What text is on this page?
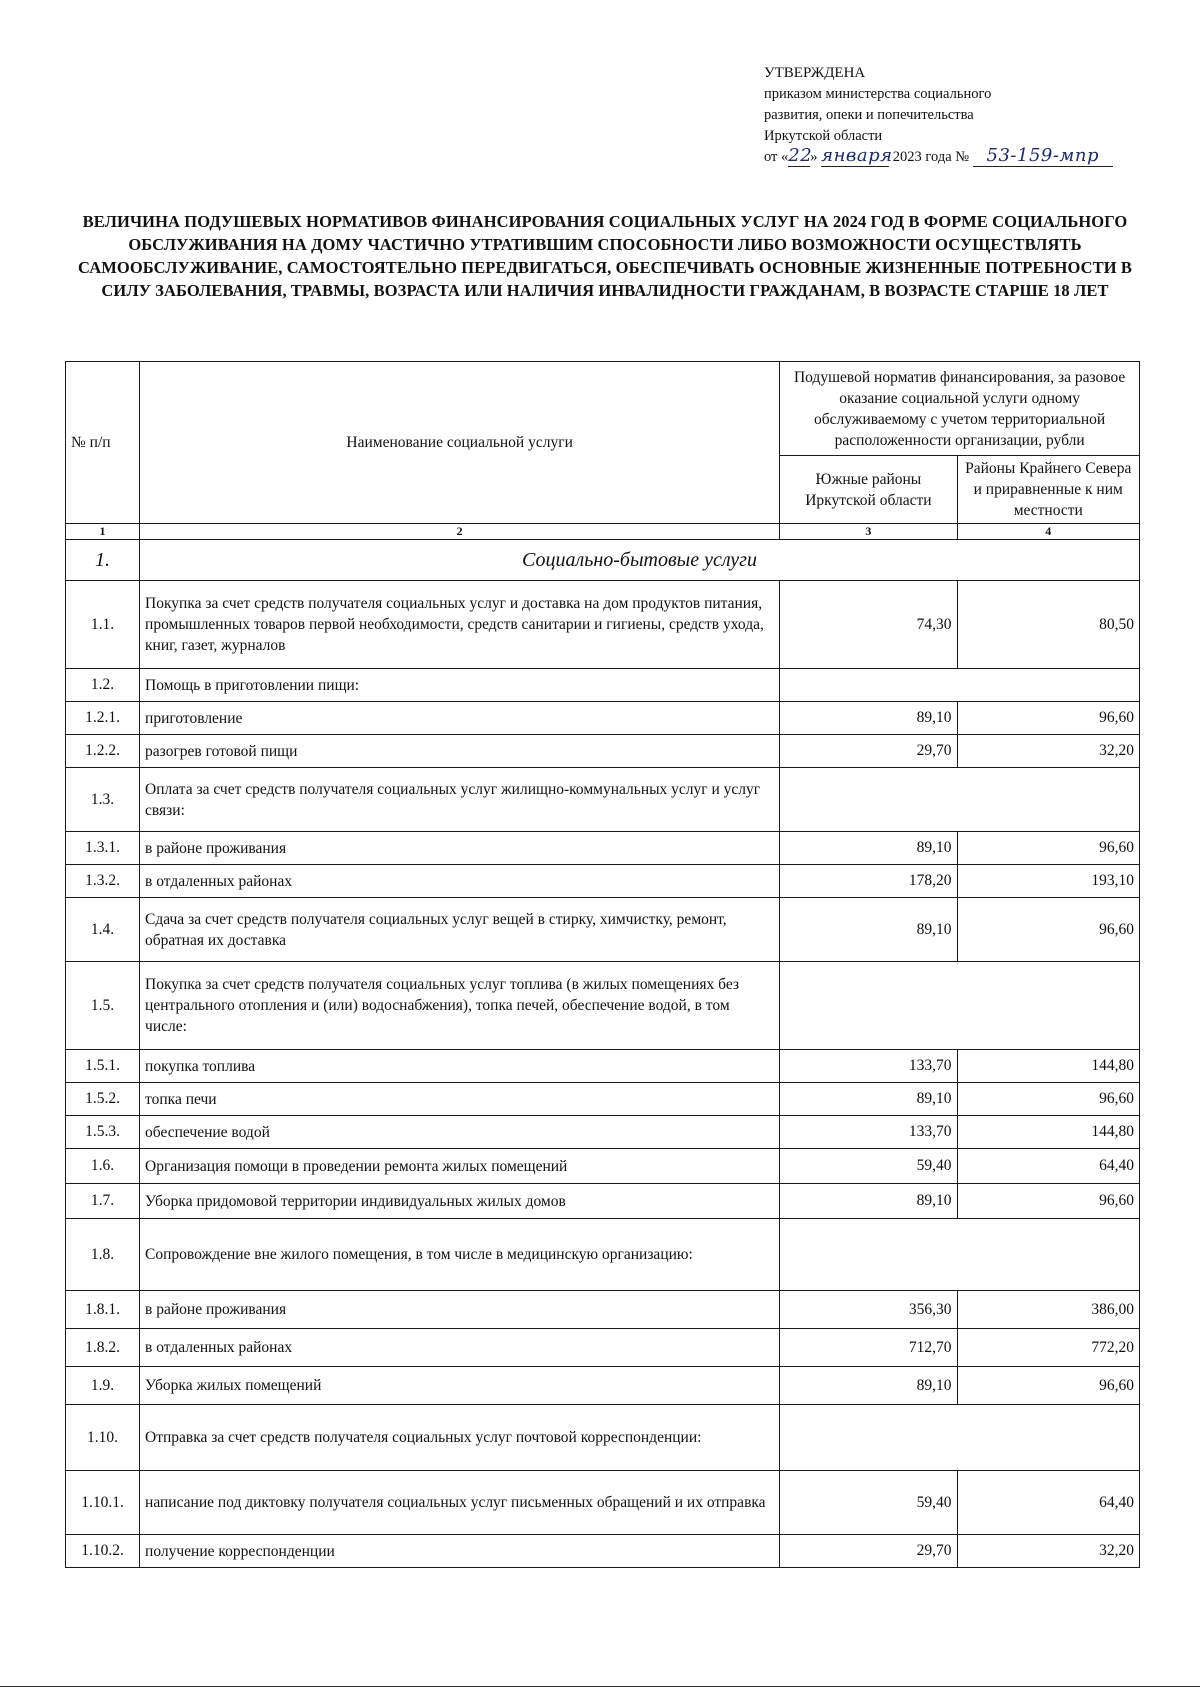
УТВЕРЖДЕНА
приказом министерства социального
развития, опеки и попечительства
Иркутской области
от «22» января 2023 года № 53-159-мпр
ВЕЛИЧИНА ПОДУШЕВЫХ НОРМАТИВОВ ФИНАНСИРОВАНИЯ СОЦИАЛЬНЫХ УСЛУГ НА 2024 ГОД В ФОРМЕ СОЦИАЛЬНОГО ОБСЛУЖИВАНИЯ НА ДОМУ ЧАСТИЧНО УТРАТИВШИМ СПОСОБНОСТИ ЛИБО ВОЗМОЖНОСТИ ОСУЩЕСТВЛЯТЬ САМООБСЛУЖИВАНИЕ, САМОСТОЯТЕЛЬНО ПЕРЕДВИГАТЬСЯ, ОБЕСПЕЧИВАТЬ ОСНОВНЫЕ ЖИЗНЕННЫЕ ПОТРЕБНОСТИ В СИЛУ ЗАБОЛЕВАНИЯ, ТРАВМЫ, ВОЗРАСТА ИЛИ НАЛИЧИЯ ИНВАЛИДНОСТИ ГРАЖДАНАМ, В ВОЗРАСТЕ СТАРШЕ 18 ЛЕТ
№ п/п	Наименование социальной услуги	Подушевой норматив финансирования, за разовое оказание социальной услуги одному обслуживаемому с учетом территориальной расположенности организации, рубли	
		Южные районы Иркутской области	Районы Крайнего Севера и приравненные к ним местности
1	2	3	4
1.	Социально-бытовые услуги		
1.1.	Покупка за счет средств получателя социальных услуг и доставка на дом продуктов питания, промышленных товаров первой необходимости, средств санитарии и гигиены, средств ухода, книг, газет, журналов	74,30	80,50
1.2.	Помощь в приготовлении пищи:		
1.2.1.	приготовление	89,10	96,60
1.2.2.	разогрев готовой пищи	29,70	32,20
1.3.	Оплата за счет средств получателя социальных услуг жилищно-коммунальных услуг и услуг связи:		
1.3.1.	в районе проживания	89,10	96,60
1.3.2.	в отдаленных районах	178,20	193,10
1.4.	Сдача за счет средств получателя социальных услуг вещей в стирку, химчистку, ремонт, обратная их доставка	89,10	96,60
1.5.	Покупка за счет средств получателя социальных услуг топлива (в жилых помещениях без центрального отопления и (или) водоснабжения), топка печей, обеспечение водой, в том числе:		
1.5.1.	покупка топлива	133,70	144,80
1.5.2.	топка печи	89,10	96,60
1.5.3.	обеспечение водой	133,70	144,80
1.6.	Организация помощи в проведении ремонта жилых помещений	59,40	64,40
1.7.	Уборка придомовой территории индивидуальных жилых домов	89,10	96,60
1.8.	Сопровождение вне жилого помещения, в том числе в медицинскую организацию:		
1.8.1.	в районе проживания	356,30	386,00
1.8.2.	в отдаленных районах	712,70	772,20
1.9.	Уборка жилых помещений	89,10	96,60
1.10.	Отправка за счет средств получателя социальных услуг почтовой корреспонденции:		
1.10.1.	написание под диктовку получателя социальных услуг письменных обращений и их отправка	59,40	64,40
1.10.2.	получение корреспонденции	29,70	32,20
